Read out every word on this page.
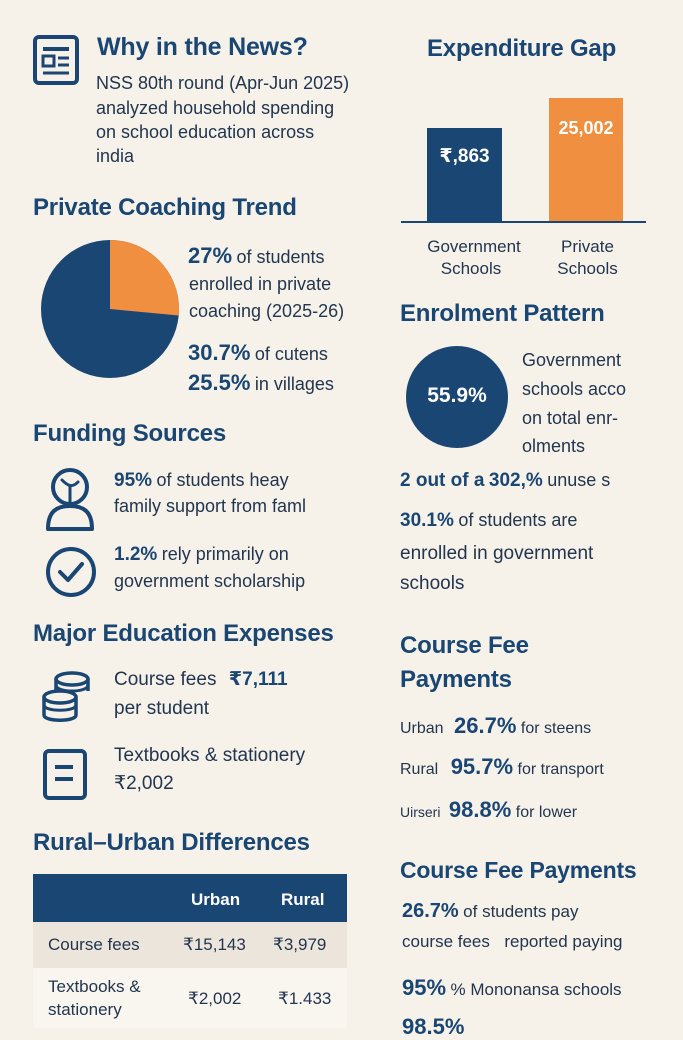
Why in the News?
NSS 80th round (Apr-Jun 2025)
analyzed household spending
on school education across
india
Expenditure Gap
₹,863
25,002
Government
Schools
Private
Schools
Private Coaching Trend
27% of students
enrolled in private
coaching (2025-26)
30.7% of cutens
25.5% in villages
Enrolment Pattern
55.9%
Government
schools acco
on total enr-
olments
2 out of a 302,% unuse s
30.1% of students are
enrolled in government
schools
Funding Sources
95% of students heay
family support from faml
1.2% rely primarily on
government scholarship
Major Education Expenses
Course fees ₹7,111
per student
Textbooks & stationery
₹2,002
Course Fee
Payments
Urban 26.7% for steens
Rural 95.7% for transport
Uirseri 98.8% for lower
Rural–Urban Differences
Urban Rural
Course fees	₹15,143 ₹3,979
Textbooks &
stationery
₹2,002 ₹1.433
Course Fee Payments
26.7% of students pay
course fees reported paying
95% % Mononansa schools
98.5%
